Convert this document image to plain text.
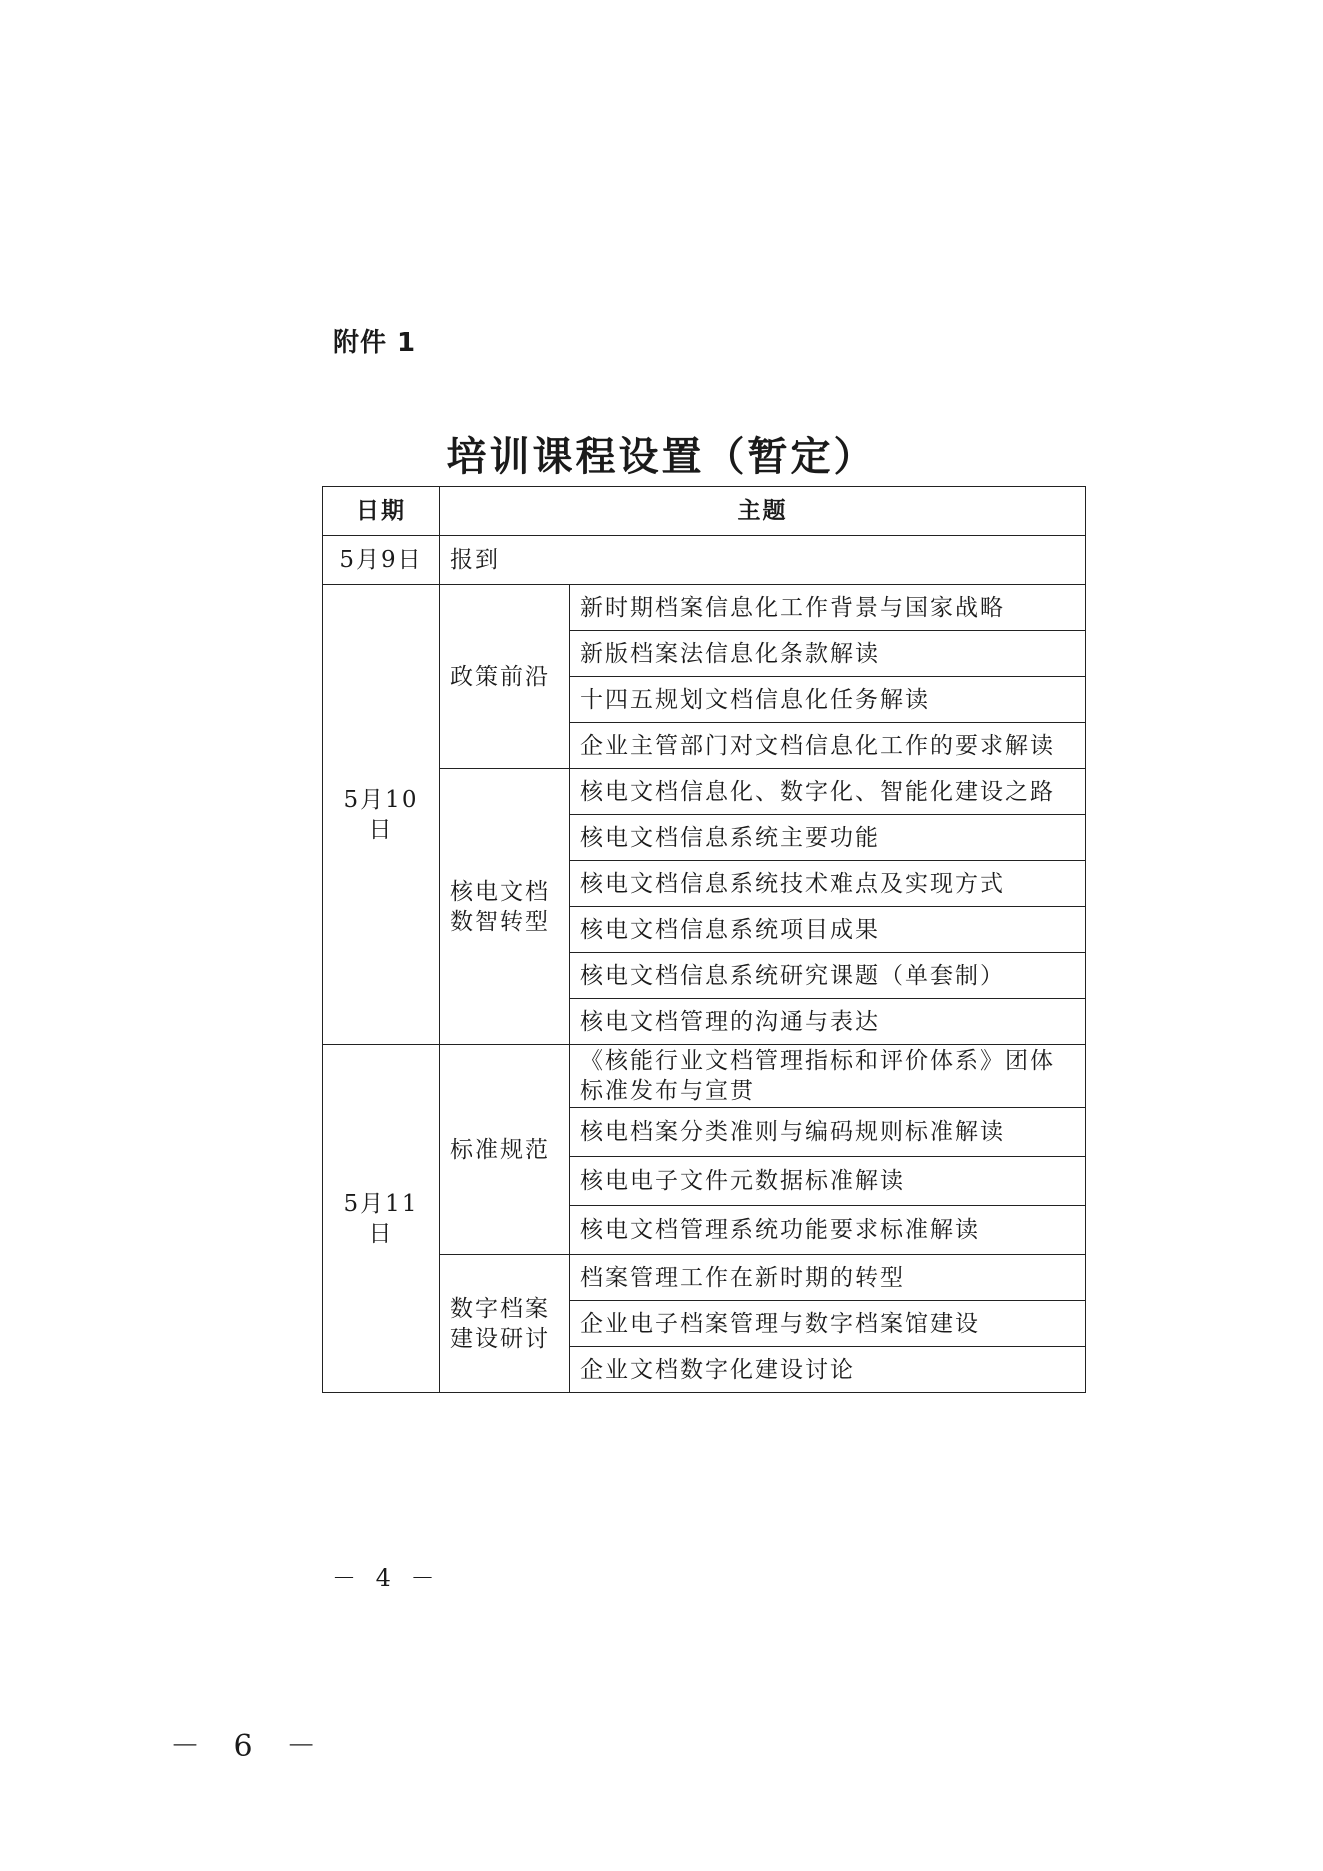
附件 1
培训课程设置（暂定）
日期	主题	
5月9日	报到	
5月10日	政策前沿	新时期档案信息化工作背景与国家战略
		新版档案法信息化条款解读
		十四五规划文档信息化任务解读
		企业主管部门对文档信息化工作的要求解读
	核电文档数智转型	核电文档信息化、数字化、智能化建设之路
		核电文档信息系统主要功能
		核电文档信息系统技术难点及实现方式
		核电文档信息系统项目成果
		核电文档信息系统研究课题（单套制）
		核电文档管理的沟通与表达
5月11日	标准规范	《核能行业文档管理指标和评价体系》团体标准发布与宣贯
		核电档案分类准则与编码规则标准解读
		核电电子文件元数据标准解读
		核电文档管理系统功能要求标准解读
	数字档案建设研讨	档案管理工作在新时期的转型
		企业电子档案管理与数字档案馆建设
		企业文档数字化建设讨论
－ 4 －
－ 6 －
